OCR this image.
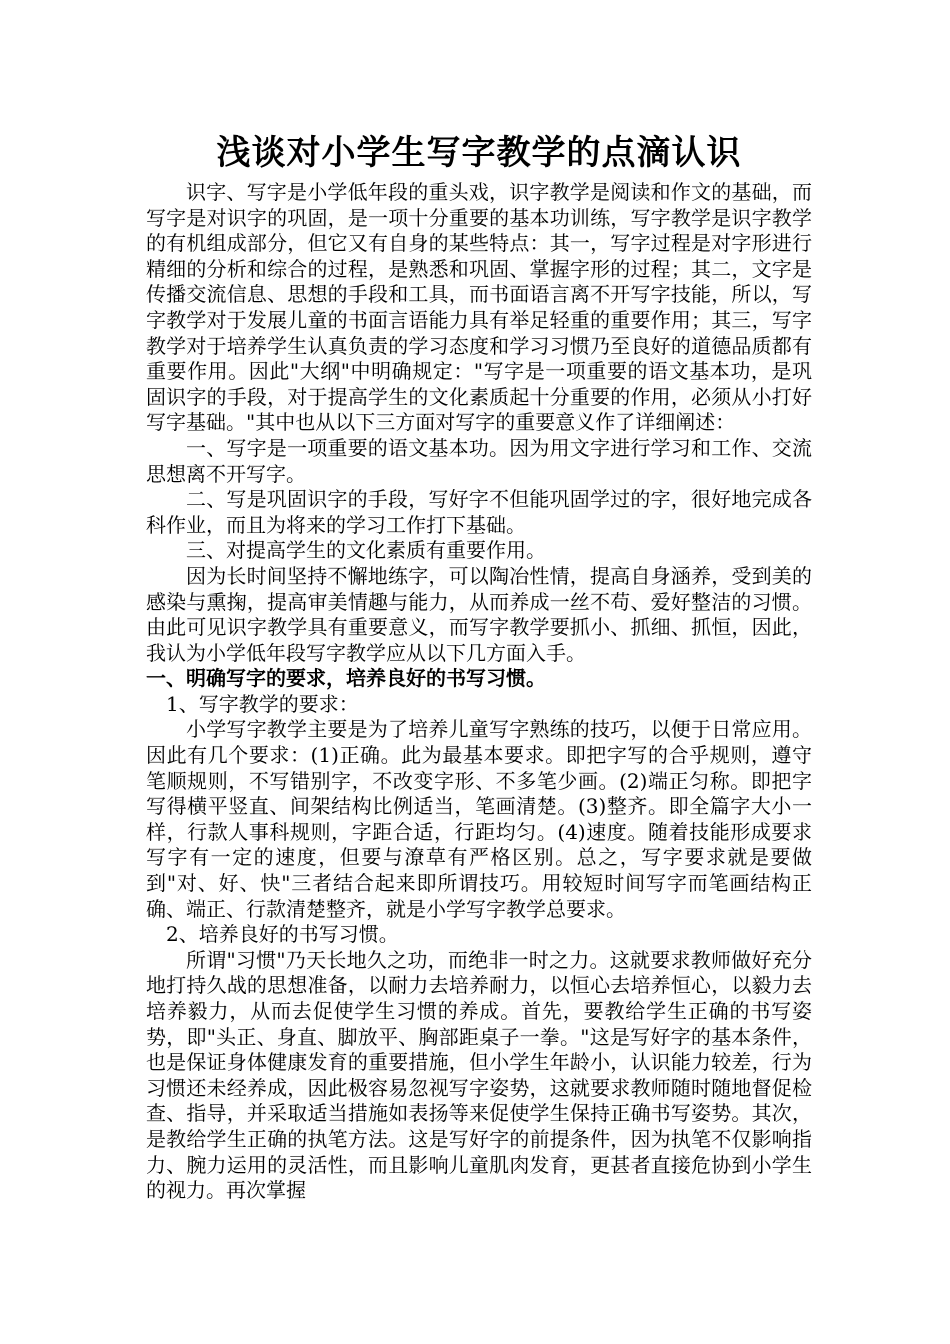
浅谈对小学生写字教学的点滴认识

识字、写字是小学低年段的重头戏，识字教学是阅读和作文的基础，而写字是对识字的巩固，是一项十分重要的基本功训练，写字教学是识字教学的有机组成部分，但它又有自身的某些特点：其一，写字过程是对字形进行精细的分析和综合的过程，是熟悉和巩固、掌握字形的过程；其二，文字是传播交流信息、思想的手段和工具，而书面语言离不开写字技能，所以，写字教学对于发展儿童的书面言语能力具有举足轻重的重要作用；其三，写字教学对于培养学生认真负责的学习态度和学习习惯乃至良好的道德品质都有重要作用。因此"大纲"中明确规定："写字是一项重要的语文基本功，是巩固识字的手段，对于提高学生的文化素质起十分重要的作用，必须从小打好写字基础。"其中也从以下三方面对写字的重要意义作了详细阐述：

一、写字是一项重要的语文基本功。因为用文字进行学习和工作、交流思想离不开写字。

二、写是巩固识字的手段，写好字不但能巩固学过的字，很好地完成各科作业，而且为将来的学习工作打下基础。

三、对提高学生的文化素质有重要作用。

因为长时间坚持不懈地练字，可以陶冶性情，提高自身涵养，受到美的感染与熏掬，提高审美情趣与能力，从而养成一丝不苟、爱好整洁的习惯。由此可见识字教学具有重要意义，而写字教学要抓小、抓细、抓恒，因此，我认为小学低年段写字教学应从以下几方面入手。

一、明确写字的要求，培养良好的书写习惯。

1、写字教学的要求：

小学写字教学主要是为了培养儿童写字熟练的技巧，以便于日常应用。因此有几个要求：(1)正确。此为最基本要求。即把字写的合乎规则，遵守笔顺规则，不写错别字，不改变字形、不多笔少画。(2)端正匀称。即把字写得横平竖直、间架结构比例适当，笔画清楚。(3)整齐。即全篇字大小一样，行款人事科规则，字距合适，行距均匀。(4)速度。随着技能形成要求写字有一定的速度，但要与潦草有严格区别。总之，写字要求就是要做到"对、好、快"三者结合起来即所谓技巧。用较短时间写字而笔画结构正确、端正、行款清楚整齐，就是小学写字教学总要求。

2、培养良好的书写习惯。

所谓"习惯"乃天长地久之功，而绝非一时之力。这就要求教师做好充分地打持久战的思想准备，以耐力去培养耐力，以恒心去培养恒心，以毅力去培养毅力，从而去促使学生习惯的养成。首先，要教给学生正确的书写姿势，即"头正、身直、脚放平、胸部距桌子一拳。"这是写好字的基本条件，也是保证身体健康发育的重要措施，但小学生年龄小，认识能力较差，行为习惯还未经养成，因此极容易忽视写字姿势，这就要求教师随时随地督促检查、指导，并采取适当措施如表扬等来促使学生保持正确书写姿势。其次，是教给学生正确的执笔方法。这是写好字的前提条件，因为执笔不仅影响指力、腕力运用的灵活性，而且影响儿童肌肉发育，更甚者直接危协到小学生的视力。再次掌握
